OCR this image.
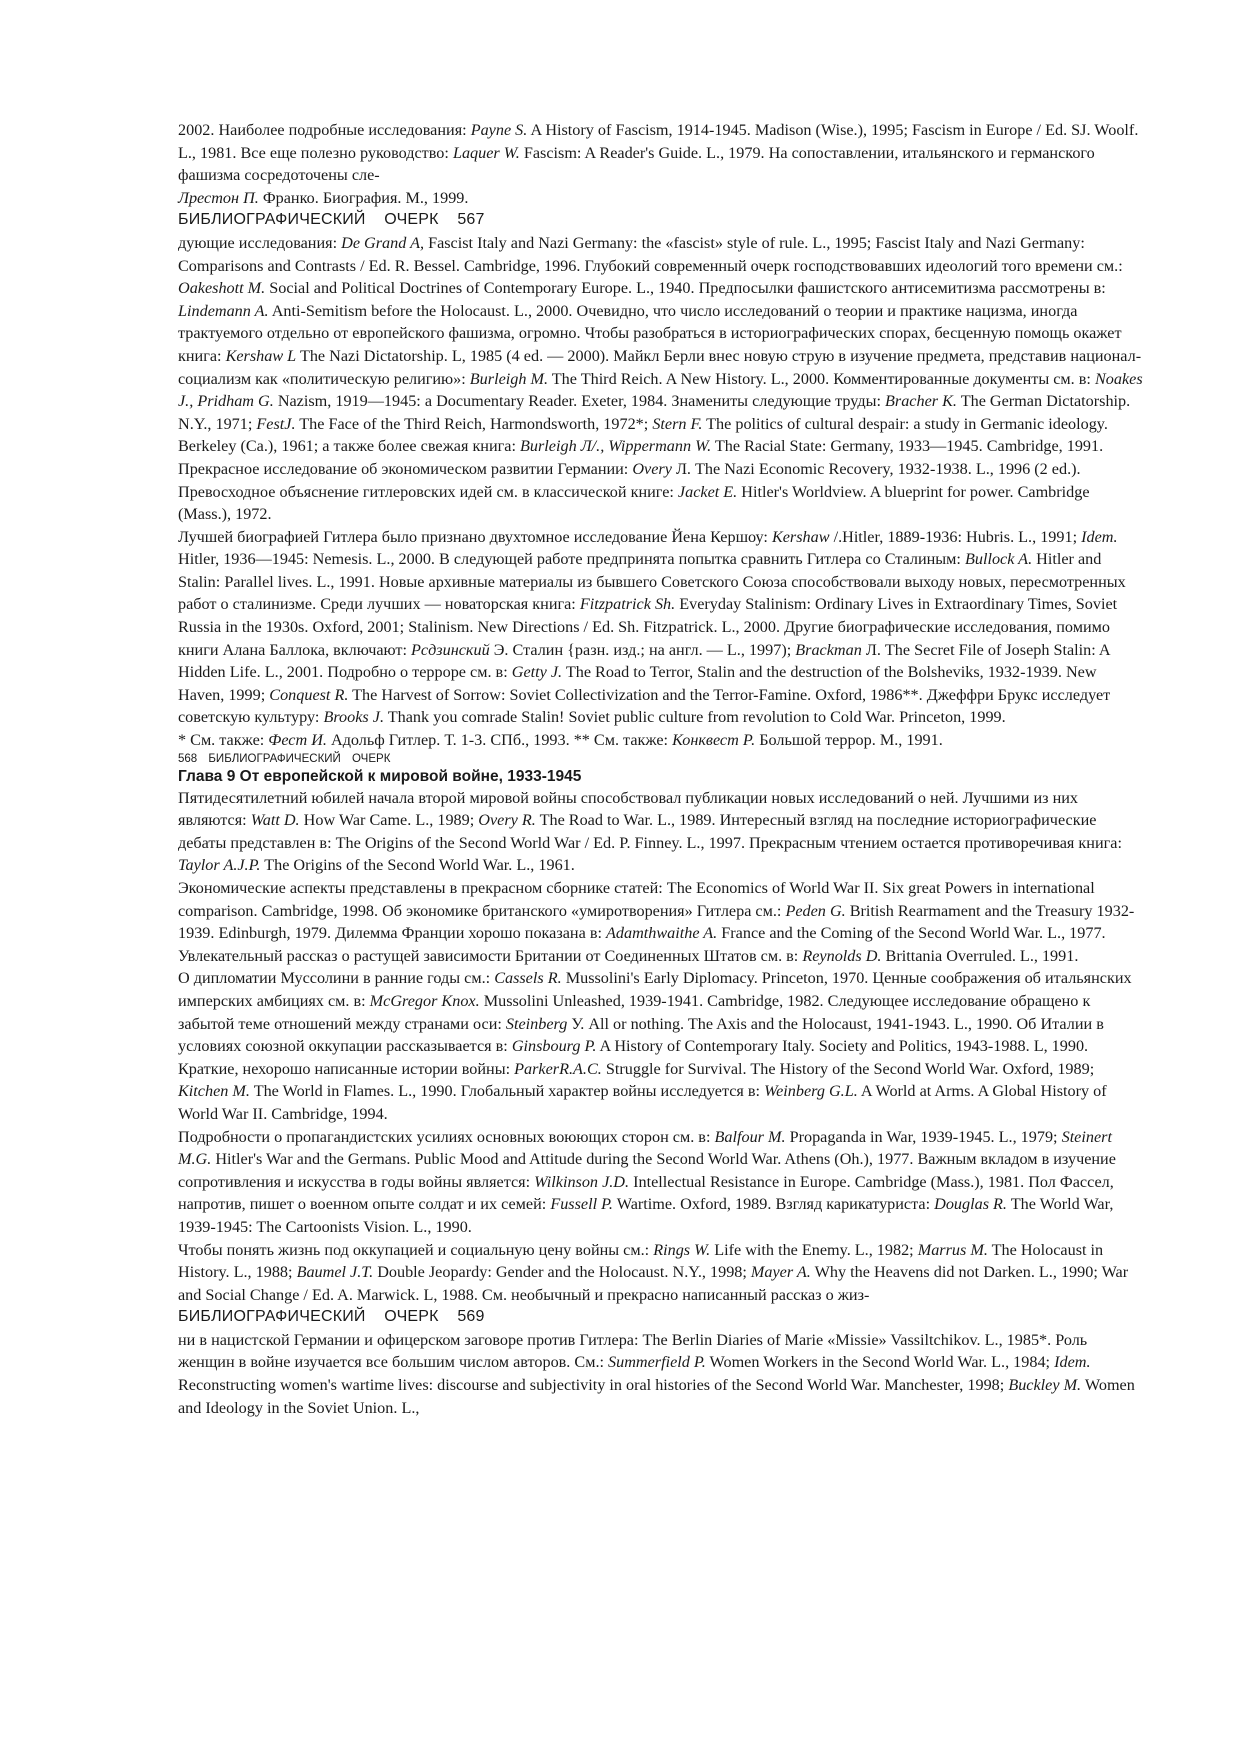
2002. Наиболее подробные исследования: Payne S. A History of Fascism, 1914-1945. Madison (Wise.), 1995; Fascism in Europe / Ed. SJ. Woolf. L., 1981. Все еще полезно руководство: Laquer W. Fascism: A Reader's Guide. L., 1979. На сопоставлении, итальянского и германского фашизма сосредоточены сле-

Лрестон П. Франко. Биография. М., 1999.

БИБЛИОГРАФИЧЕСКИЙ ОЧЕРК 567

дующие исследования: De Grand A, Fascist Italy and Nazi Germany: the «fascist» style of rule. L., 1995; Fascist Italy and Nazi Germany: Comparisons and Contrasts / Ed. R. Bessel. Cambridge, 1996. Глубокий современный очерк господствовавших идеологий того времени см.: Oakeshott M. Social and Political Doctrines of Contemporary Europe. L., 1940. Предпосылки фашистского антисемитизма рассмотрены в: Lindemann A. Anti-Semitism before the Holocaust. L., 2000. Очевидно, что число исследований о теории и практике нацизма, иногда трактуемого отдельно от европейского фашизма, огромно. Чтобы разобраться в историографических спорах, бесценную помощь окажет книга: Kershaw L The Nazi Dictatorship. L, 1985 (4 ed. — 2000). Майкл Берли внес новую струю в изучение предмета, представив национал-социализм как «политическую религию»: Burleigh M. The Third Reich. A New History. L., 2000. Комментированные документы см. в: Noakes J., Pridham G. Nazism, 1919—1945: a Documentary Reader. Exeter, 1984. Знамениты следующие труды: Bracher K. The German Dictatorship. N.Y., 1971; FestJ. The Face of the Third Reich, Harmondsworth, 1972*; Stern F. The politics of cultural despair: a study in Germanic ideology. Berkeley (Ca.), 1961; а также более свежая книга: Burleigh Л/., Wippermann W. The Racial State: Germany, 1933—1945. Cambridge, 1991. Прекрасное исследование об экономическом развитии Германии: Overy Л. The Nazi Economic Recovery, 1932-1938. L., 1996 (2 ed.). Превосходное объяснение гитлеровских идей см. в классической книге: Jacket E. Hitler's Worldview. A blueprint for power. Cambridge (Mass.), 1972.

Лучшей биографией Гитлера было признано двухтомное исследование Йена Кершоу: Kershaw /.Hitler, 1889-1936: Hubris. L., 1991; Idem. Hitler, 1936—1945: Nemesis. L., 2000. В следующей работе предпринята попытка сравнить Гитлера со Сталиным: Bullock A. Hitler and Stalin: Parallel lives. L., 1991. Новые архивные материалы из бывшего Советского Союза способствовали выходу новых, пересмотренных работ о сталинизме. Среди лучших — новаторская книга: Fitzpatrick Sh. Everyday Stalinism: Ordinary Lives in Extraordinary Times, Soviet Russia in the 1930s. Oxford, 2001; Stalinism. New Directions / Ed. Sh. Fitzpatrick. L., 2000. Другие биографические исследования, помимо книги Алана Баллока, включают: Рсдзинский Э. Сталин {разн. изд.; на англ. — L., 1997); Brackman Л. The Secret File of Joseph Stalin: A Hidden Life. L., 2001. Подробно о терроре см. в: Getty J. The Road to Terror, Stalin and the destruction of the Bolsheviks, 1932-1939. New Haven, 1999; Conquest R. The Harvest of Sorrow: Soviet Collectivization and the Terror-Famine. Oxford, 1986**. Джеффри Брукс исследует советскую культуру: Brooks J. Thank you comrade Stalin! Soviet public culture from revolution to Cold War. Princeton, 1999.

* См. также: Фест И. Адольф Гитлер. Т. 1-3. СПб., 1993. ** См. также: Конквест Р. Большой террор. М., 1991.

568 БИБЛИОГРАФИЧЕСКИЙ ОЧЕРК

Глава 9 От европейской к мировой войне, 1933-1945

Пятидесятилетний юбилей начала второй мировой войны способствовал публикации новых исследований о ней. Лучшими из них являются: Watt D. How War Came. L., 1989; Overy R. The Road to War. L., 1989. Интересный взгляд на последние историографические дебаты представлен в: The Origins of the Second World War / Ed. P. Finney. L., 1997. Прекрасным чтением остается противоречивая книга: Taylor A.J.P. The Origins of the Second World War. L., 1961.

Экономические аспекты представлены в прекрасном сборнике статей: The Economics of World War II. Six great Powers in international comparison. Cambridge, 1998. Об экономике британского «умиротворения» Гитлера см.: Peden G. British Rearmament and the Treasury 1932-1939. Edinburgh, 1979. Дилемма Франции хорошо показана в: Adamthwaithe A. France and the Coming of the Second World War. L., 1977. Увлекательный рассказ о растущей зависимости Британии от Соединенных Штатов см. в: Reynolds D. Brittania Overruled. L., 1991.

О дипломатии Муссолини в ранние годы см.: Cassels R. Mussolini's Early Diplomacy. Princeton, 1970. Ценные соображения об итальянских имперских амбициях см. в: McGregor Knox. Mussolini Unleashed, 1939-1941. Cambridge, 1982. Следующее исследование обращено к забытой теме отношений между странами оси: Steinberg У. All or nothing. The Axis and the Holocaust, 1941-1943. L., 1990. Об Италии в условиях союзной оккупации рассказывается в: Ginsbourg P. A History of Contemporary Italy. Society and Politics, 1943-1988. L, 1990.

Краткие, нехорошо написанные истории войны: ParkerR.A.C. Struggle for Survival. The History of the Second World War. Oxford, 1989; Kitchen M. The World in Flames. L., 1990. Глобальный характер войны исследуется в: Weinberg G.L. A World at Arms. A Global History of World War II. Cambridge, 1994.

Подробности о пропагандистских усилиях основных воюющих сторон см. в: Balfour M. Propaganda in War, 1939-1945. L., 1979; Steinert M.G. Hitler's War and the Germans. Public Mood and Attitude during the Second World War. Athens (Oh.), 1977. Важным вкладом в изучение сопротивления и искусства в годы войны является: Wilkinson J.D. Intellectual Resistance in Europe. Cambridge (Mass.), 1981. Пол Фассел, напротив, пишет о военном опыте солдат и их семей: Fussell P. Wartime. Oxford, 1989. Взгляд карикатуриста: Douglas R. The World War, 1939-1945: The Cartoonists Vision. L., 1990.

Чтобы понять жизнь под оккупацией и социальную цену войны см.: Rings W. Life with the Enemy. L., 1982; Marrus M. The Holocaust in History. L., 1988; Baumel J.T. Double Jeopardy: Gender and the Holocaust. N.Y., 1998; Mayer A. Why the Heavens did not Darken. L., 1990; War and Social Change / Ed. A. Marwick. L, 1988. См. необычный и прекрасно написанный рассказ о жиз-

БИБЛИОГРАФИЧЕСКИЙ ОЧЕРК 569

ни в нацистской Германии и офицерском заговоре против Гитлера: The Berlin Diaries of Marie «Missie» Vassiltchikov. L., 1985*. Роль женщин в войне изучается все большим числом авторов. См.: Summerfield P. Women Workers in the Second World War. L., 1984; Idem. Reconstructing women's wartime lives: discourse and subjectivity in oral histories of the Second World War. Manchester, 1998; Buckley M. Women and Ideology in the Soviet Union. L.,
